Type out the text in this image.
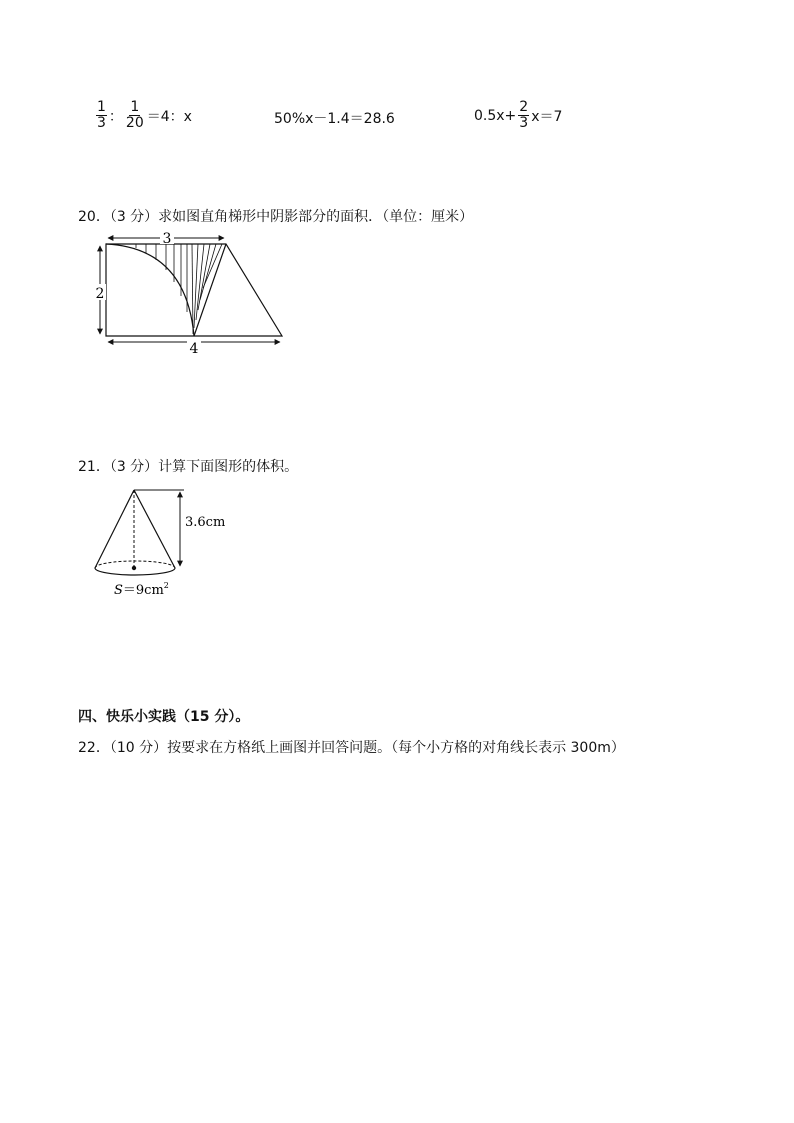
$\frac{1}{3}$ ： $\frac{1}{20} =4$：x	50%x－1.4＝28.6	$0.5x+ \frac{2}{3} x=7$
20．（3 分）求如图直角梯形中阴影部分的面积．（单位：厘米）
3
2
4
21．（3 分）计算下面图形的体积。
3.6cm
$S=9cm^2$
四、快乐小实践（15 分）。
22．（10 分）按要求在方格纸上画图并回答问题。（每个小方格的对角线长表示 300m）
